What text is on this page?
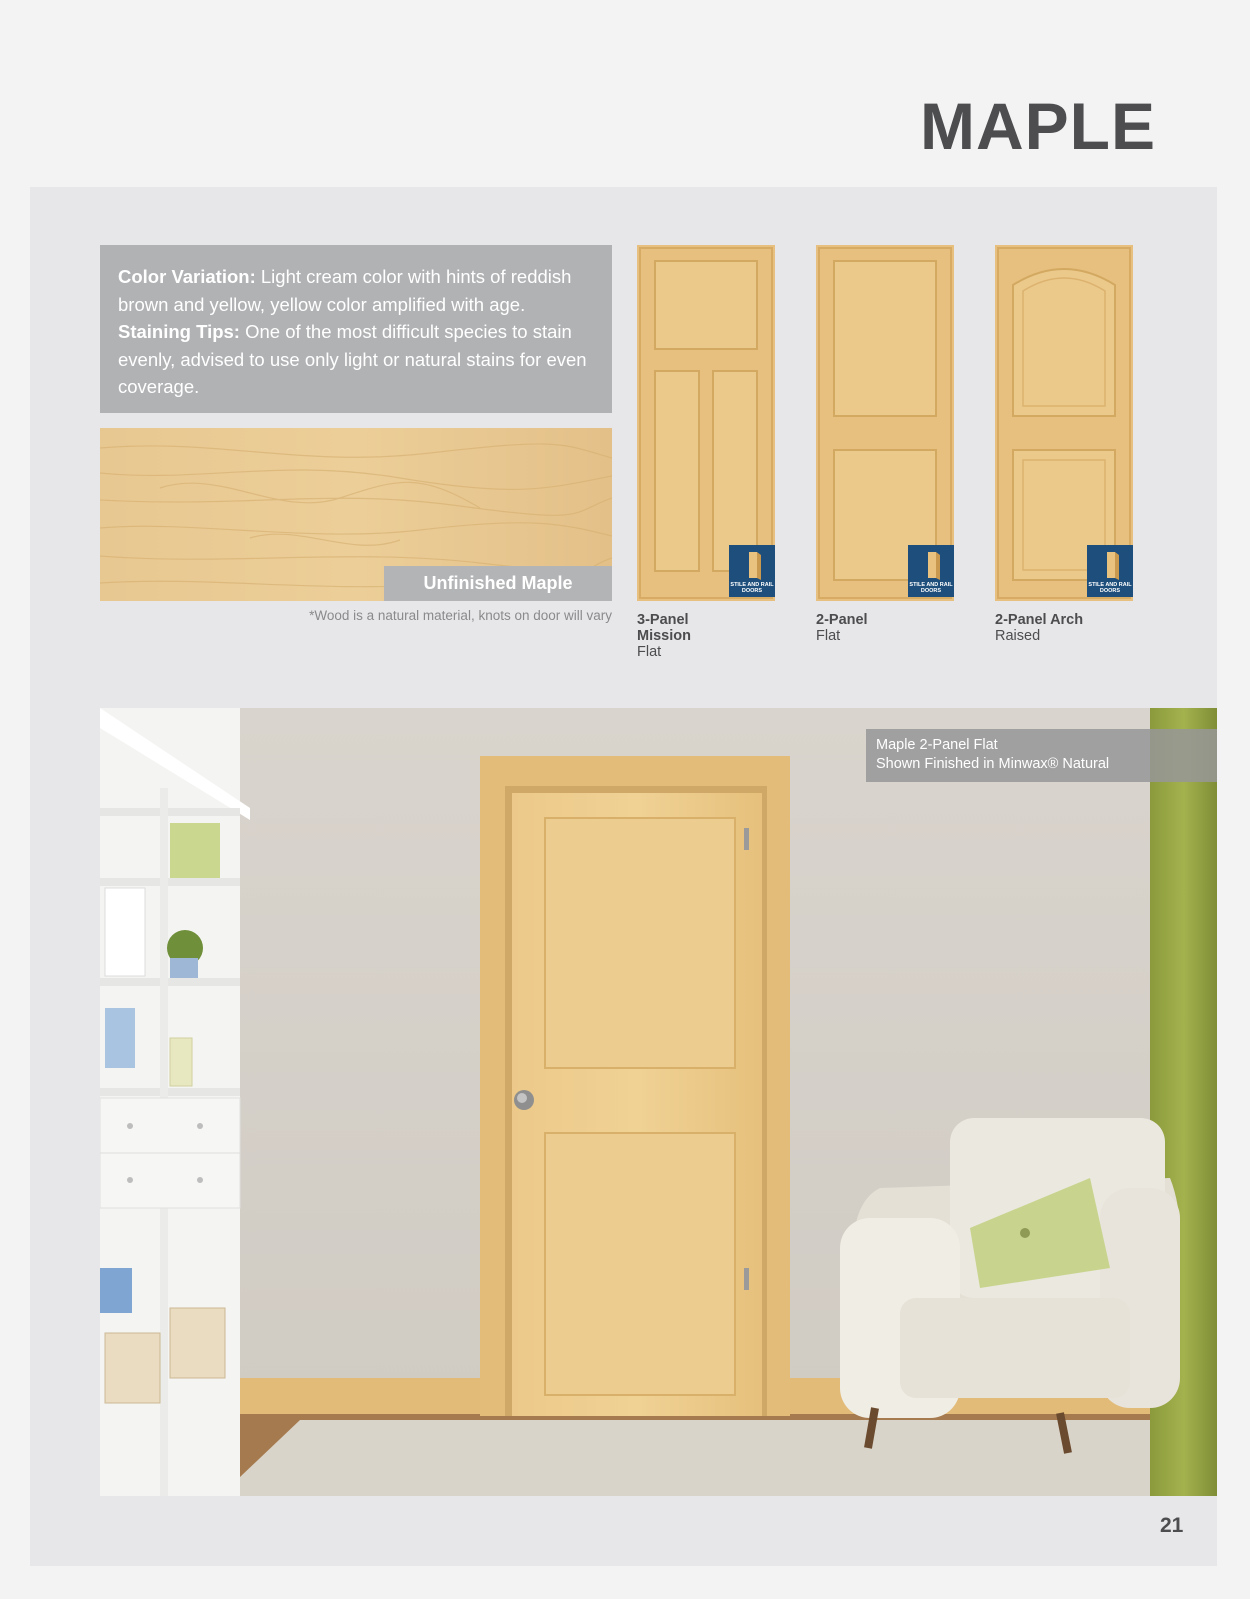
MAPLE
Color Variation: Light cream color with hints of reddish brown and yellow, yellow color amplified with age.
Staining Tips: One of the most difficult species to stain evenly, advised to use only light or natural stains for even coverage.
Unfinished Maple
*Wood is a natural material, knots on door will vary
STILE AND RAIL
DOORS
3-Panel Mission
Flat
STILE AND RAIL
DOORS
2-Panel
Flat
STILE AND RAIL
DOORS
2-Panel Arch
Raised
Maple 2-Panel Flat
Shown Finished in Minwax® Natural
21
